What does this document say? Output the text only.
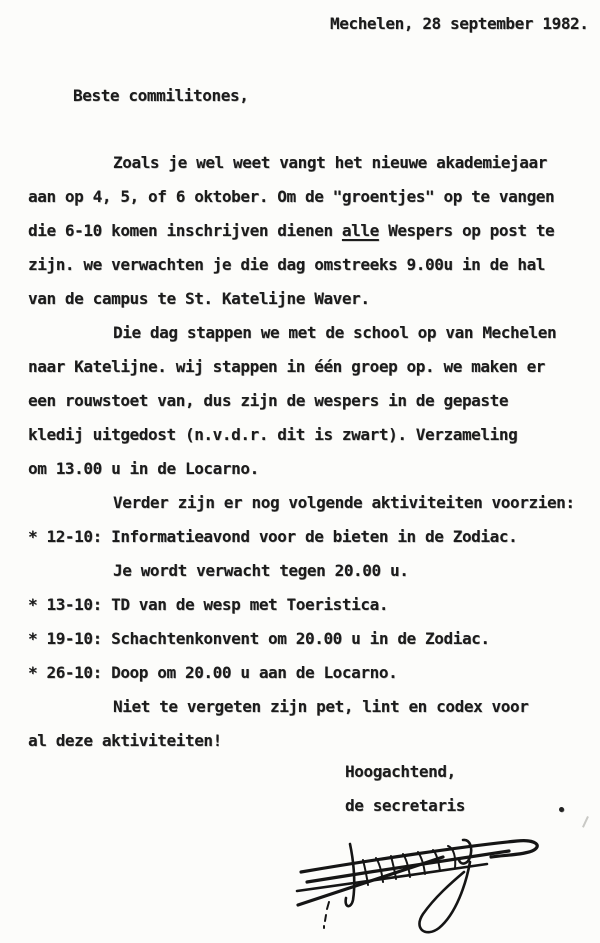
Mechelen, 28 september 1982.
Beste commilitones,
Zoals je wel weet vangt het nieuwe akademiejaar
aan op 4, 5, of 6 oktober. Om de "groentjes" op te vangen
die 6-10 komen inschrijven dienen alle Wespers op post te
zijn. we verwachten je die dag omstreeks 9.00u in de hal
van de campus te St. Katelijne Waver.
Die dag stappen we met de school op van Mechelen
naar Katelijne. wij stappen in één groep op. we maken er
een rouwstoet van, dus zijn de wespers in de gepaste
kledij uitgedost (n.v.d.r. dit is zwart). Verzameling
om 13.00 u in de Locarno.
Verder zijn er nog volgende aktiviteiten voorzien:
* 12-10: Informatieavond voor de bieten in de Zodiac.
Je wordt verwacht tegen 20.00 u.
* 13-10: TD van de wesp met Toeristica.
* 19-10: Schachtenkonvent om 20.00 u in de Zodiac.
* 26-10: Doop om 20.00 u aan de Locarno.
Niet te vergeten zijn pet, lint en codex voor
al deze aktiviteiten!
Hoogachtend,
de secretaris
